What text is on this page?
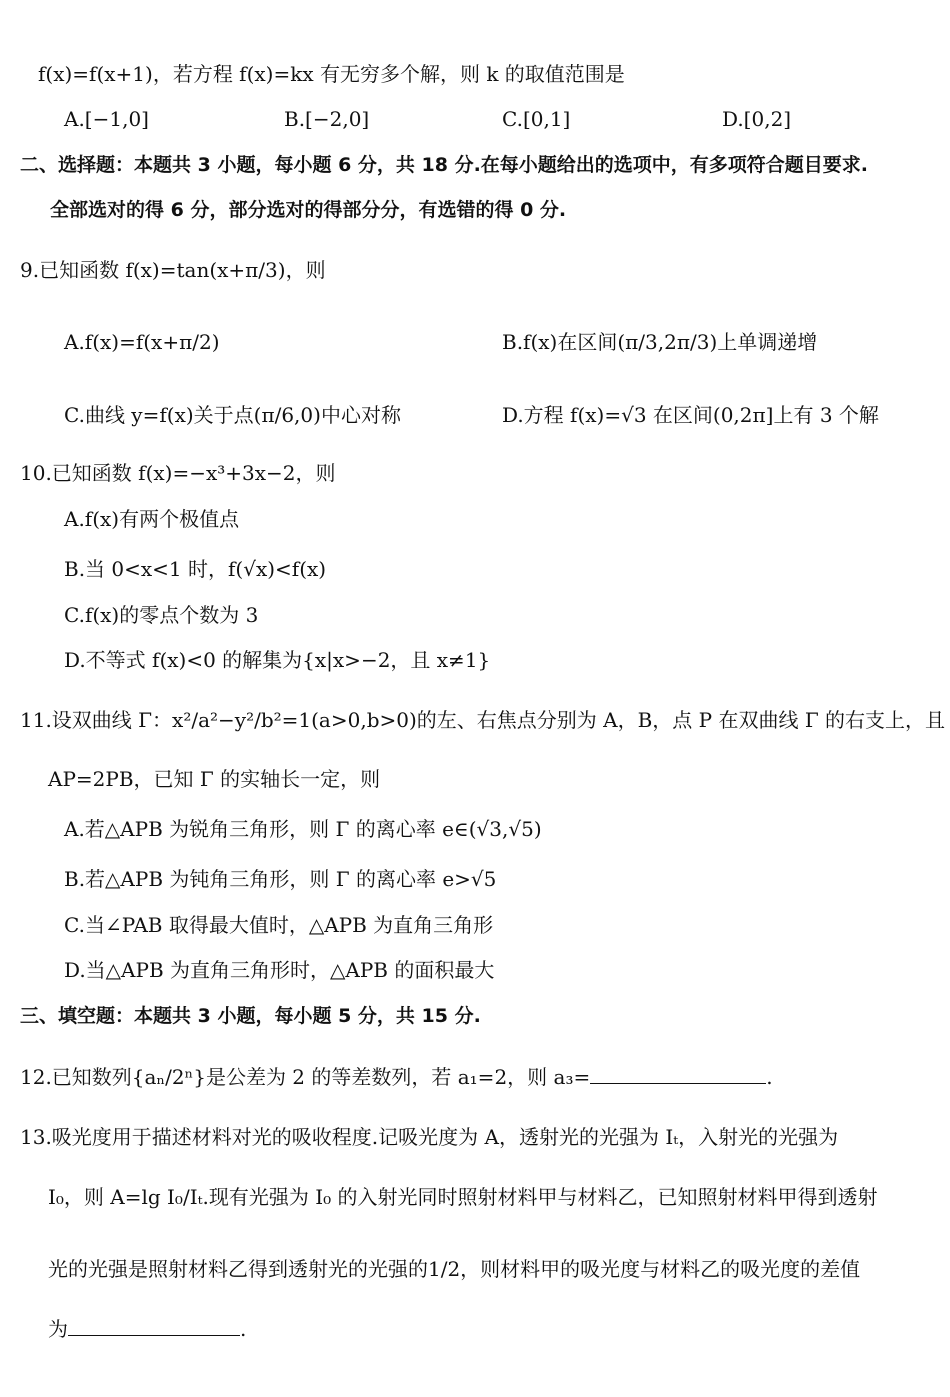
f(x)=f(x+1)，若方程 f(x)=kx 有无穷多个解，则 k 的取值范围是
A.[−1,0]	B.[−2,0]	C.[0,1]	D.[0,2]
二、选择题：本题共 3 小题，每小题 6 分，共 18 分.在每小题给出的选项中，有多项符合题目要求.
全部选对的得 6 分，部分选对的得部分分，有选错的得 0 分.
9.已知函数 f(x)=tan(x+π/3)，则
A.f(x)=f(x+π/2)	B.f(x)在区间(π/3,2π/3)上单调递增
C.曲线 y=f(x)关于点(π/6,0)中心对称	D.方程 f(x)=√3 在区间(0,2π]上有 3 个解
10.已知函数 f(x)=−x³+3x−2，则
A.f(x)有两个极值点
B.当 0<x<1 时，f(√x)<f(x)
C.f(x)的零点个数为 3
D.不等式 f(x)<0 的解集为{x|x>−2，且 x≠1}
11.设双曲线 Γ：x²/a²−y²/b²=1(a>0,b>0)的左、右焦点分别为 A，B，点 P 在双曲线 Γ 的右支上，且
AP=2PB，已知 Γ 的实轴长一定，则
A.若△APB 为锐角三角形，则 Γ 的离心率 e∈(√3,√5)
B.若△APB 为钝角三角形，则 Γ 的离心率 e>√5
C.当∠PAB 取得最大值时，△APB 为直角三角形
D.当△APB 为直角三角形时，△APB 的面积最大
三、填空题：本题共 3 小题，每小题 5 分，共 15 分.
12.已知数列{aₙ/2ⁿ}是公差为 2 的等差数列，若 a₁=2，则 a₃=	.
13.吸光度用于描述材料对光的吸收程度.记吸光度为 A，透射光的光强为 Iₜ，入射光的光强为
I₀，则 A=lg I₀/Iₜ.现有光强为 I₀ 的入射光同时照射材料甲与材料乙，已知照射材料甲得到透射
光的光强是照射材料乙得到透射光的光强的1/2，则材料甲的吸光度与材料乙的吸光度的差值
为	.
